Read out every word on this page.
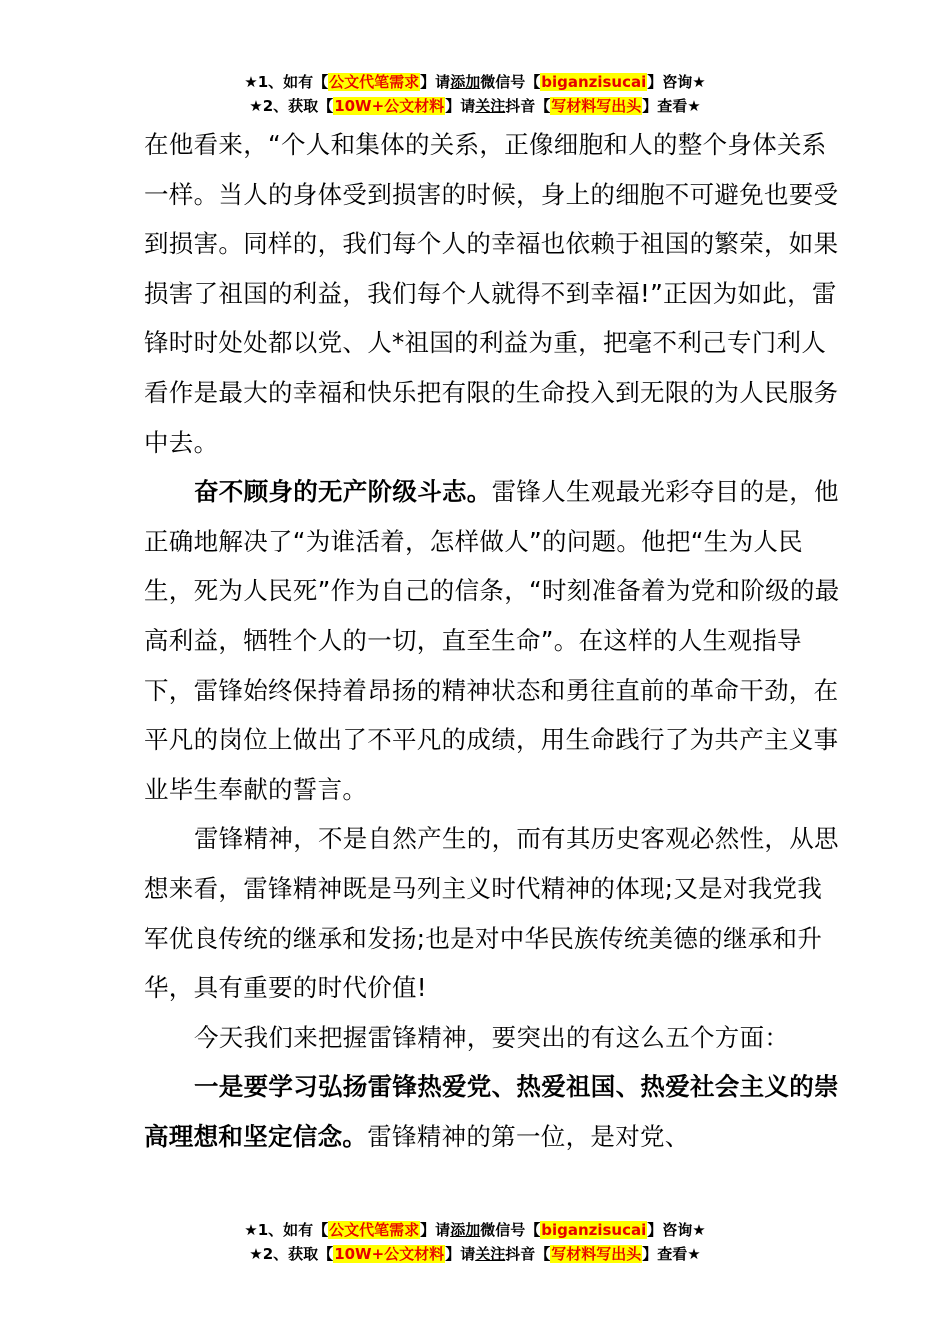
★1、如有【公文代笔需求】请添加微信号【biganzisucai】咨询★
★2、获取【10W+公文材料】请关注抖音【写材料写出头】查看★

在他看来，“个人和集体的关系，正像细胞和人的整个身体关系一样。当人的身体受到损害的时候，身上的细胞不可避免也要受到损害。同样的，我们每个人的幸福也依赖于祖国的繁荣，如果损害了祖国的利益，我们每个人就得不到幸福!”正因为如此，雷锋时时处处都以党、人*祖国的利益为重，把毫不利己专门利人看作是最大的幸福和快乐把有限的生命投入到无限的为人民服务中去。

奋不顾身的无产阶级斗志。雷锋人生观最光彩夺目的是，他正确地解决了“为谁活着，怎样做人”的问题。他把“生为人民生，死为人民死”作为自己的信条，“时刻准备着为党和阶级的最高利益，牺牲个人的一切，直至生命”。在这样的人生观指导下，雷锋始终保持着昂扬的精神状态和勇往直前的革命干劲，在平凡的岗位上做出了不平凡的成绩，用生命践行了为共产主义事业毕生奉献的誓言。

雷锋精神，不是自然产生的，而有其历史客观必然性，从思想来看，雷锋精神既是马列主义时代精神的体现;又是对我党我军优良传统的继承和发扬;也是对中华民族传统美德的继承和升华，具有重要的时代价值!

今天我们来把握雷锋精神，要突出的有这么五个方面：

一是要学习弘扬雷锋热爱党、热爱祖国、热爱社会主义的崇高理想和坚定信念。雷锋精神的第一位，是对党、

★1、如有【公文代笔需求】请添加微信号【biganzisucai】咨询★
★2、获取【10W+公文材料】请关注抖音【写材料写出头】查看★
